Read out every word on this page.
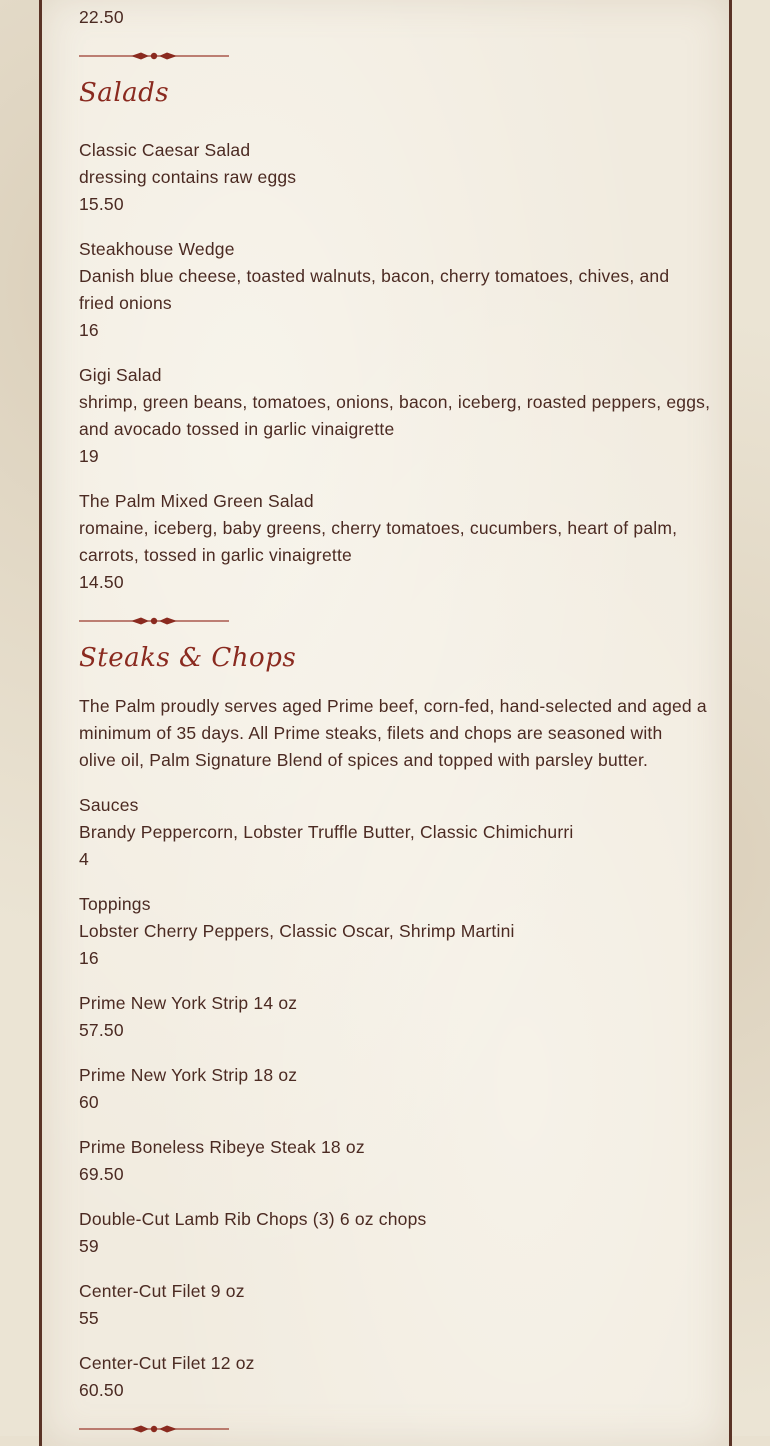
22.50
Salads
Classic Caesar Salad
dressing contains raw eggs
15.50
Steakhouse Wedge
Danish blue cheese, toasted walnuts, bacon, cherry tomatoes, chives, and
fried onions
16
Gigi Salad
shrimp, green beans, tomatoes, onions, bacon, iceberg, roasted peppers, eggs,
and avocado tossed in garlic vinaigrette
19
The Palm Mixed Green Salad
romaine, iceberg, baby greens, cherry tomatoes, cucumbers, heart of palm,
carrots, tossed in garlic vinaigrette
14.50
Steaks & Chops
The Palm proudly serves aged Prime beef, corn-fed, hand-selected and aged a
minimum of 35 days. All Prime steaks, filets and chops are seasoned with
olive oil, Palm Signature Blend of spices and topped with parsley butter.
Sauces
Brandy Peppercorn, Lobster Truffle Butter, Classic Chimichurri
4
Toppings
Lobster Cherry Peppers, Classic Oscar, Shrimp Martini
16
Prime New York Strip 14 oz
57.50
Prime New York Strip 18 oz
60
Prime Boneless Ribeye Steak 18 oz
69.50
Double-Cut Lamb Rib Chops (3) 6 oz chops
59
Center-Cut Filet 9 oz
55
Center-Cut Filet 12 oz
60.50
